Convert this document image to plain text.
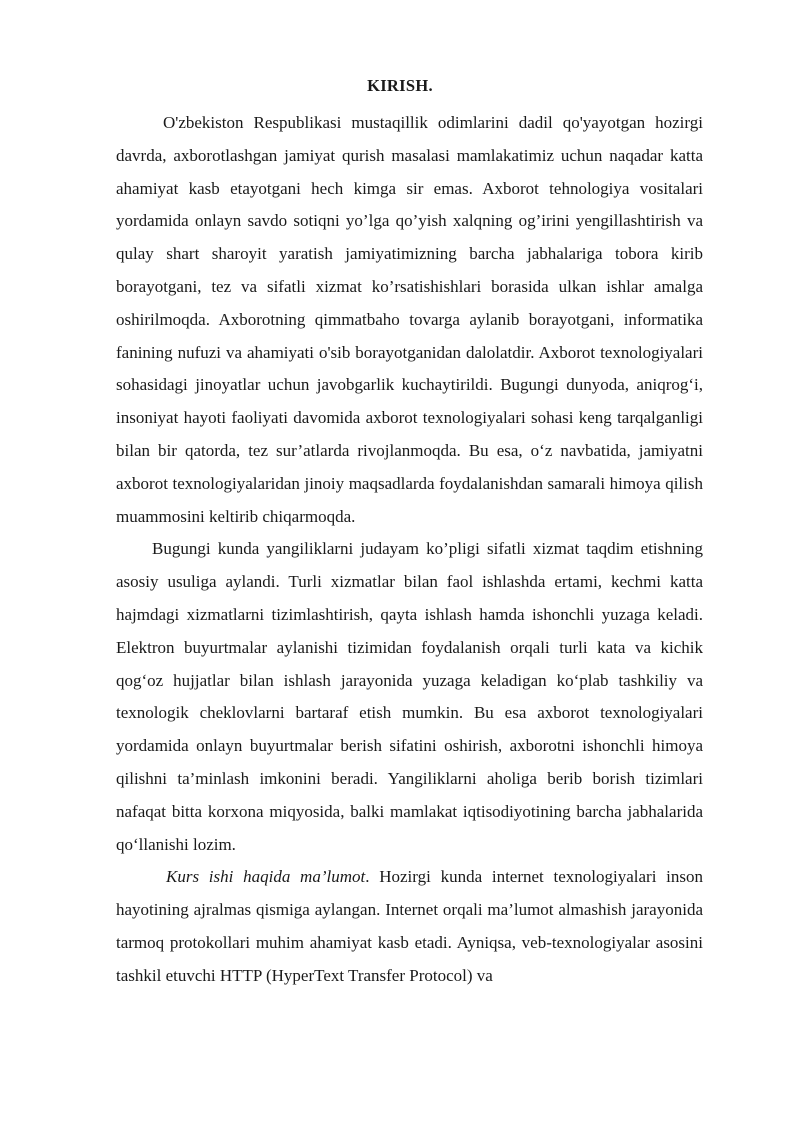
KIRISH.

O'zbekiston Respublikasi mustaqillik odimlarini dadil qo'yayotgan hozirgi davrda, axborotlashgan jamiyat qurish masalasi mamlakatimiz uchun naqadar katta ahamiyat kasb etayotgani hech kimga sir emas. Axborot tehnologiya vositalari yordamida onlayn savdo sotiqni yo’lga qo’yish xalqning og’irini yengillashtirish va qulay shart sharoyit yaratish jamiyatimizning barcha jabhalariga tobora kirib borayotgani, tez va sifatli xizmat ko’rsatishishlari borasida ulkan ishlar amalga oshirilmoqda. Axborotning qimmatbaho tovarga aylanib borayotgani, informatika fanining nufuzi va ahamiyati o'sib borayotganidan dalolatdir. Axborot texnologiyalari sohasidagi jinoyatlar uchun javobgarlik kuchaytirildi. Bugungi dunyoda, aniqrog‘i, insoniyat hayoti faoliyati davomida axborot texnologiyalari sohasi keng tarqalganligi bilan bir qatorda, tez sur’atlarda rivojlanmoqda. Bu esa, o‘z navbatida, jamiyatni axborot texnologiyalaridan jinoiy maqsadlarda foydalanishdan samarali himoya qilish muammosini keltirib chiqarmoqda.

Bugungi kunda yangiliklarni judayam ko’pligi sifatli xizmat taqdim etishning asosiy usuliga aylandi. Turli xizmatlar bilan faol ishlashda ertami, kechmi katta hajmdagi xizmatlarni tizimlashtirish, qayta ishlash hamda ishonchli yuzaga keladi. Elektron buyurtmalar aylanishi tizimidan foydalanish orqali turli kata va kichik qog‘oz hujjatlar bilan ishlash jarayonida yuzaga keladigan ko‘plab tashkiliy va texnologik cheklovlarni bartaraf etish mumkin. Bu esa axborot texnologiyalari yordamida onlayn buyurtmalar berish sifatini oshirish, axborotni ishonchli himoya qilishni ta’minlash imkonini beradi. Yangiliklarni aholiga berib borish tizimlari nafaqat bitta korxona miqyosida, balki mamlakat iqtisodiyotining barcha jabhalarida qo‘llanishi lozim.

Kurs ishi haqida ma’lumot. Hozirgi kunda internet texnologiyalari inson hayotining ajralmas qismiga aylangan. Internet orqali ma’lumot almashish jarayonida tarmoq protokollari muhim ahamiyat kasb etadi. Ayniqsa, veb-texnologiyalar asosini tashkil etuvchi HTTP (HyperText Transfer Protocol) va
